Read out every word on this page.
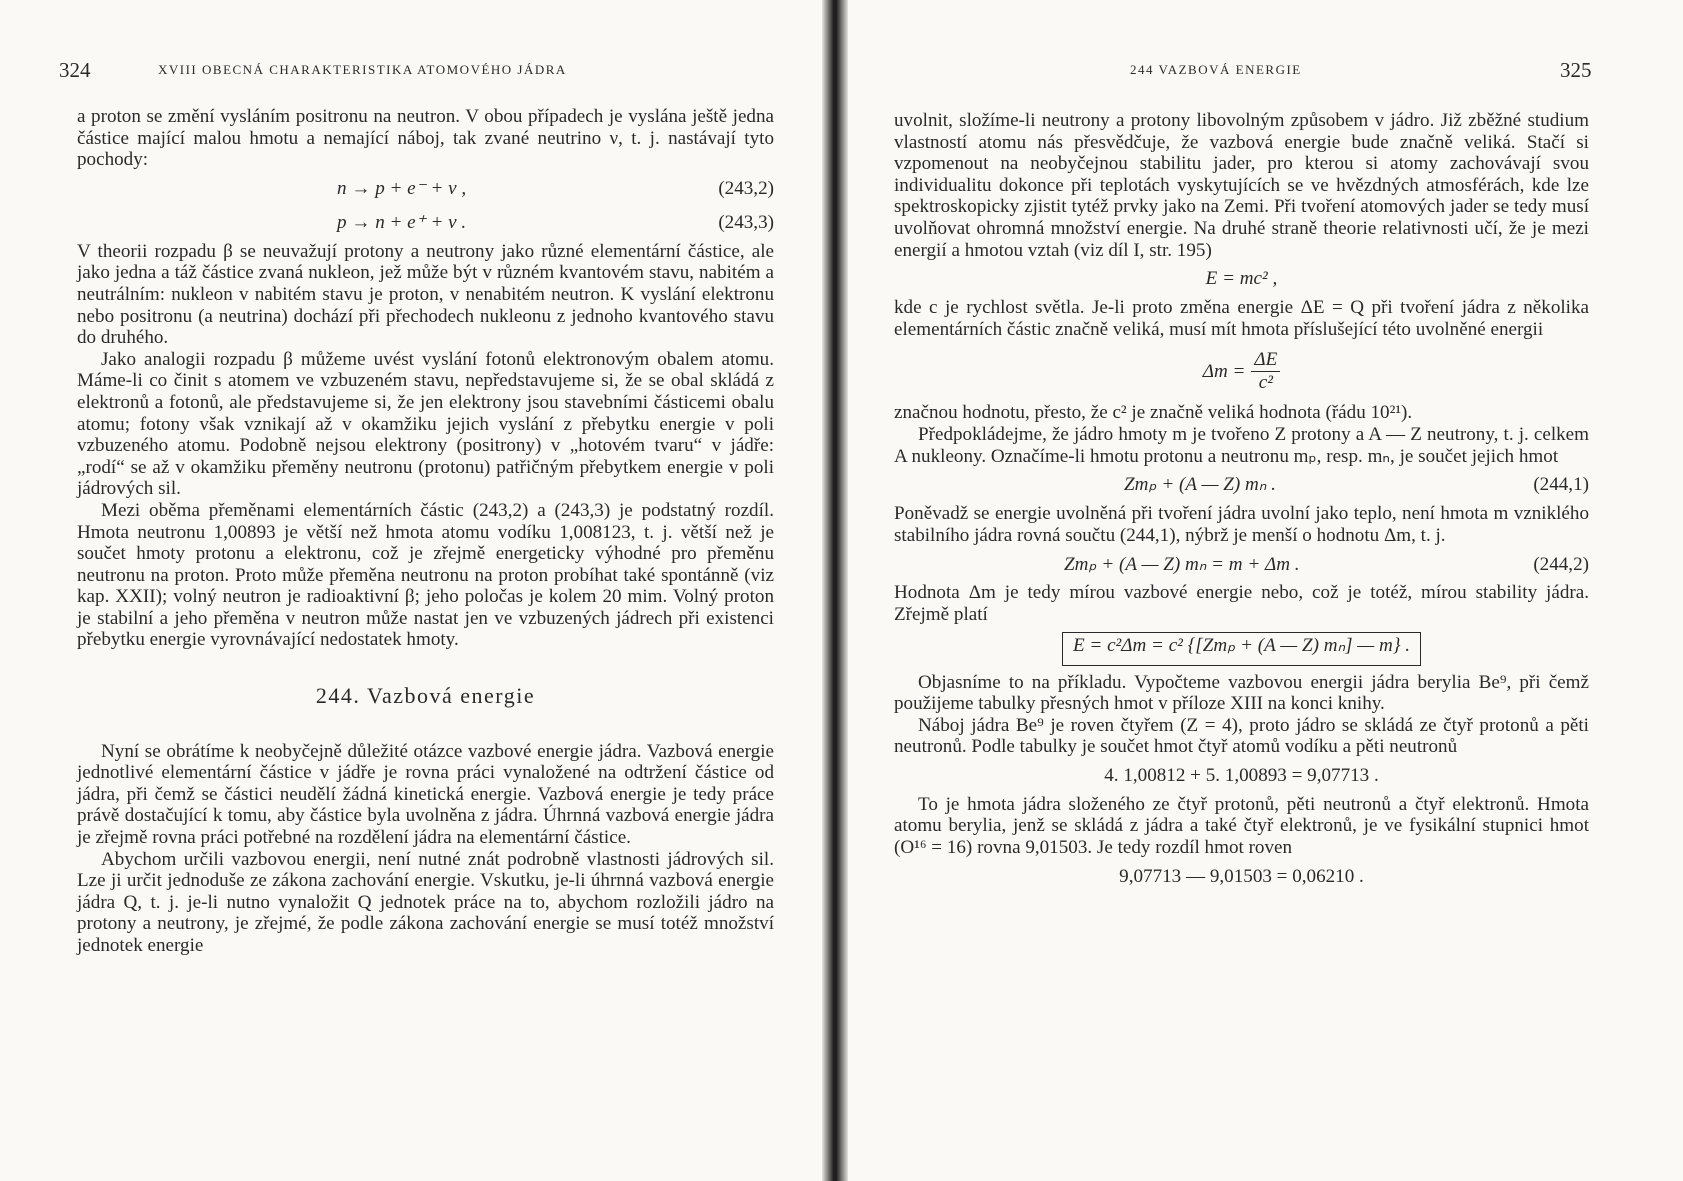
324	XVIII OBECNÁ CHARAKTERISTIKA ATOMOVÉHO JÁDRA

a proton se změní vysláním positronu na neutron. V obou případech je vyslána ještě jedna částice mající malou hmotu a nemající náboj, tak zvané neutrino ν, t. j. nastávají tyto pochody:

n → p + e⁻ + ν ,	(243,2)
p → n + e⁺ + ν .	(243,3)

V theorii rozpadu β se neuvažují protony a neutrony jako různé elementární částice, ale jako jedna a táž částice zvaná nukleon, jež může být v různém kvantovém stavu, nabitém a neutrálním: nukleon v nabitém stavu je proton, v nenabitém neutron. K vyslání elektronu nebo positronu (a neutrina) dochází při přechodech nukleonu z jednoho kvantového stavu do druhého.

Jako analogii rozpadu β můžeme uvést vyslání fotonů elektronovým obalem atomu. Máme-li co činit s atomem ve vzbuzeném stavu, nepředstavujeme si, že se obal skládá z elektronů a fotonů, ale představujeme si, že jen elektrony jsou stavebními částicemi obalu atomu; fotony však vznikají až v okamžiku jejich vyslání z přebytku energie v poli vzbuzeného atomu. Podobně nejsou elektrony (positrony) v „hotovém tvaru“ v jádře: „rodí“ se až v okamžiku přeměny neutronu (protonu) patřičným přebytkem energie v poli jádrových sil.

Mezi oběma přeměnami elementárních částic (243,2) a (243,3) je podstatný rozdíl. Hmota neutronu 1,00893 je větší než hmota atomu vodíku 1,008123, t. j. větší než je součet hmoty protonu a elektronu, což je zřejmě energeticky výhodné pro přeměnu neutronu na proton. Proto může přeměna neutronu na proton probíhat také spontánně (viz kap. XXII); volný neutron je radioaktivní β; jeho poločas je kolem 20 mim. Volný proton je stabilní a jeho přeměna v neutron může nastat jen ve vzbuzených jádrech při existenci přebytku energie vyrovnávající nedostatek hmoty.

244. Vazbová energie

Nyní se obrátíme k neobyčejně důležité otázce vazbové energie jádra. Vazbová energie jednotlivé elementární částice v jádře je rovna práci vynaložené na odtržení částice od jádra, při čemž se částici neudělí žádná kinetická energie. Vazbová energie je tedy práce právě dostačující k tomu, aby částice byla uvolněna z jádra. Úhrnná vazbová energie jádra je zřejmě rovna práci potřebné na rozdělení jádra na elementární částice.

Abychom určili vazbovou energii, není nutné znát podrobně vlastnosti jádrových sil. Lze ji určit jednoduše ze zákona zachování energie. Vskutku, je-li úhrnná vazbová energie jádra Q, t. j. je-li nutno vynaložit Q jednotek práce na to, abychom rozložili jádro na protony a neutrony, je zřejmé, že podle zákona zachování energie se musí totéž množství jednotek energie

244 VAZBOVÁ ENERGIE	325

uvolnit, složíme-li neutrony a protony libovolným způsobem v jádro. Již zběžné studium vlastností atomu nás přesvědčuje, že vazbová energie bude značně veliká. Stačí si vzpomenout na neobyčejnou stabilitu jader, pro kterou si atomy zachovávají svou individualitu dokonce při teplotách vyskytujících se ve hvězdných atmosférách, kde lze spektroskopicky zjistit tytéž prvky jako na Zemi. Při tvoření atomových jader se tedy musí uvolňovat ohromná množství energie. Na druhé straně theorie relativnosti učí, že je mezi energií a hmotou vztah (viz díl I, str. 195)

E = mc² ,

kde c je rychlost světla. Je-li proto změna energie ΔE = Q při tvoření jádra z několika elementárních částic značně veliká, musí mít hmota příslušející této uvolněné energii

$\Delta m = \frac{\Delta E}{\text{c²}}$

značnou hodnotu, přesto, že c² je značně veliká hodnota (řádu 10²¹).

Předpokládejme, že jádro hmoty m je tvořeno Z protony a A — Z neutrony, t. j. celkem A nukleony. Označíme-li hmotu protonu a neutronu mₚ, resp. mₙ, je součet jejich hmot

Zmₚ + (A — Z) mₙ .	(244,1)

Poněvadž se energie uvolněná při tvoření jádra uvolní jako teplo, není hmota m vzniklého stabilního jádra rovná součtu (244,1), nýbrž je menší o hodnotu Δm, t. j.

Zmₚ + (A — Z) mₙ = m + Δm .	(244,2)

Hodnota Δm je tedy mírou vazbové energie nebo, což je totéž, mírou stability jádra. Zřejmě platí

E = c²Δm = c² {[Zmₚ + (A — Z) mₙ] — m} .

Objasníme to na příkladu. Vypočteme vazbovou energii jádra berylia Be⁹, při čemž použijeme tabulky přesných hmot v příloze XIII na konci knihy.

Náboj jádra Be⁹ je roven čtyřem (Z = 4), proto jádro se skládá ze čtyř protonů a pěti neutronů. Podle tabulky je součet hmot čtyř atomů vodíku a pěti neutronů

4. 1,00812 + 5. 1,00893 = 9,07713 .

To je hmota jádra složeného ze čtyř protonů, pěti neutronů a čtyř elektronů. Hmota atomu berylia, jenž se skládá z jádra a také čtyř elektronů, je ve fysikální stupnici hmot (O¹⁶ = 16) rovna 9,01503. Je tedy rozdíl hmot roven

9,07713 — 9,01503 = 0,06210 .
